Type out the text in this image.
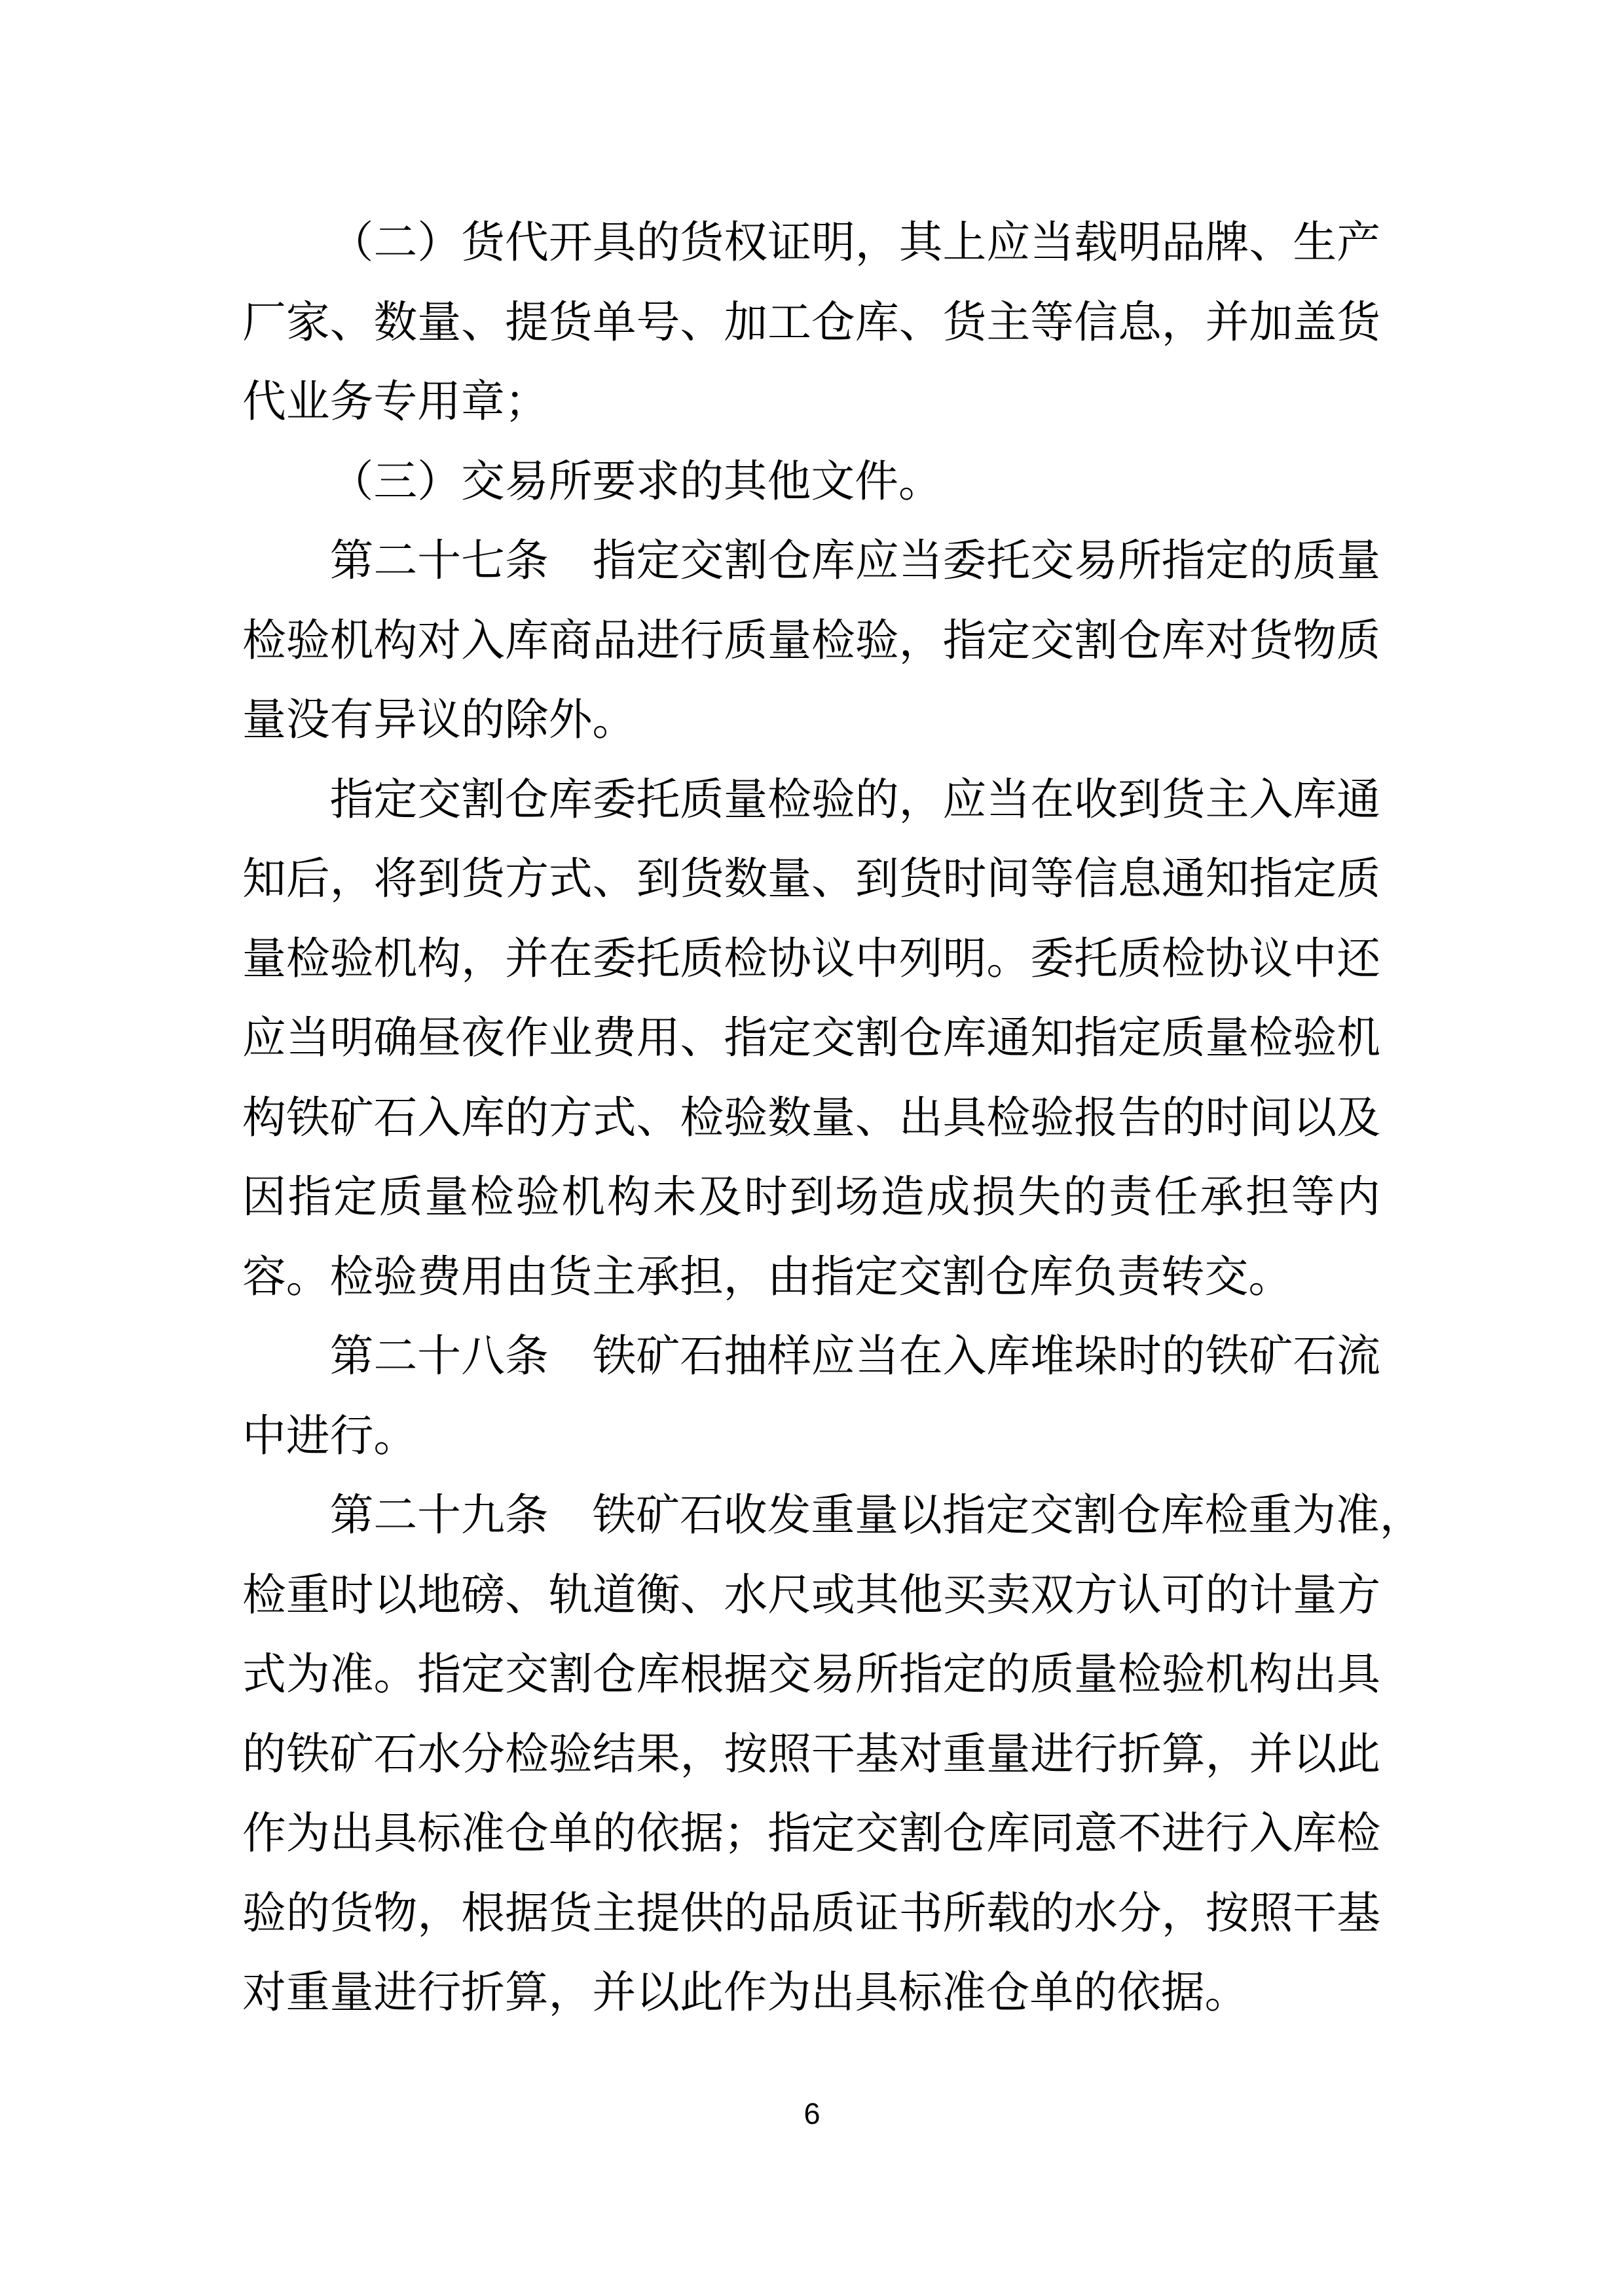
（二）货代开具的货权证明，其上应当载明品牌、生产
厂家、数量、提货单号、加工仓库、货主等信息，并加盖货
代业务专用章；
（三）交易所要求的其他文件。
第二十七条　指定交割仓库应当委托交易所指定的质量
检验机构对入库商品进行质量检验，指定交割仓库对货物质
量没有异议的除外。
指定交割仓库委托质量检验的，应当在收到货主入库通
知后，将到货方式、到货数量、到货时间等信息通知指定质
量检验机构，并在委托质检协议中列明。委托质检协议中还
应当明确昼夜作业费用、指定交割仓库通知指定质量检验机
构铁矿石入库的方式、检验数量、出具检验报告的时间以及
因指定质量检验机构未及时到场造成损失的责任承担等内
容。检验费用由货主承担，由指定交割仓库负责转交。
第二十八条　铁矿石抽样应当在入库堆垛时的铁矿石流
中进行。
第二十九条　铁矿石收发重量以指定交割仓库检重为准，
检重时以地磅、轨道衡、水尺或其他买卖双方认可的计量方
式为准。指定交割仓库根据交易所指定的质量检验机构出具
的铁矿石水分检验结果，按照干基对重量进行折算，并以此
作为出具标准仓单的依据；指定交割仓库同意不进行入库检
验的货物，根据货主提供的品质证书所载的水分，按照干基
对重量进行折算，并以此作为出具标准仓单的依据。
6
